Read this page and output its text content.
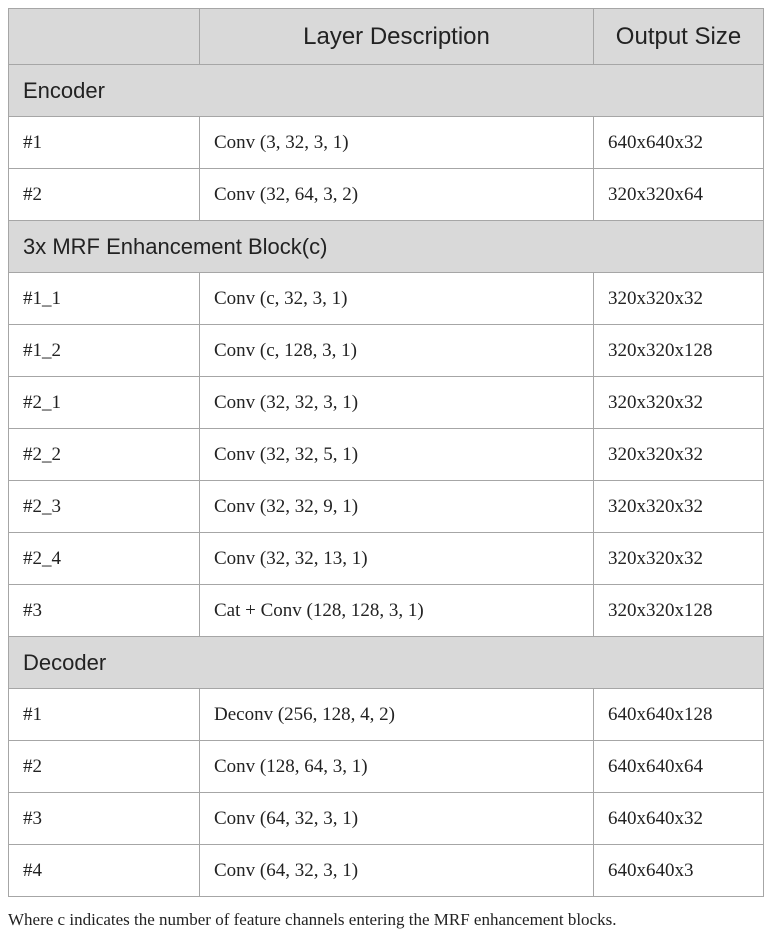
	Layer Description	Output Size
Encoder		
#1	Conv (3, 32, 3, 1)	640x640x32
#2	Conv (32, 64, 3, 2)	320x320x64
3x MRF Enhancement Block(c)		
#1_1	Conv (c, 32, 3, 1)	320x320x32
#1_2	Conv (c, 128, 3, 1)	320x320x128
#2_1	Conv (32, 32, 3, 1)	320x320x32
#2_2	Conv (32, 32, 5, 1)	320x320x32
#2_3	Conv (32, 32, 9, 1)	320x320x32
#2_4	Conv (32, 32, 13, 1)	320x320x32
#3	Cat + Conv (128, 128, 3, 1)	320x320x128
Decoder		
#1	Deconv (256, 128, 4, 2)	640x640x128
#2	Conv (128, 64, 3, 1)	640x640x64
#3	Conv (64, 32, 3, 1)	640x640x32
#4	Conv (64, 32, 3, 1)	640x640x3
Where c indicates the number of feature channels entering the MRF enhancement blocks.
